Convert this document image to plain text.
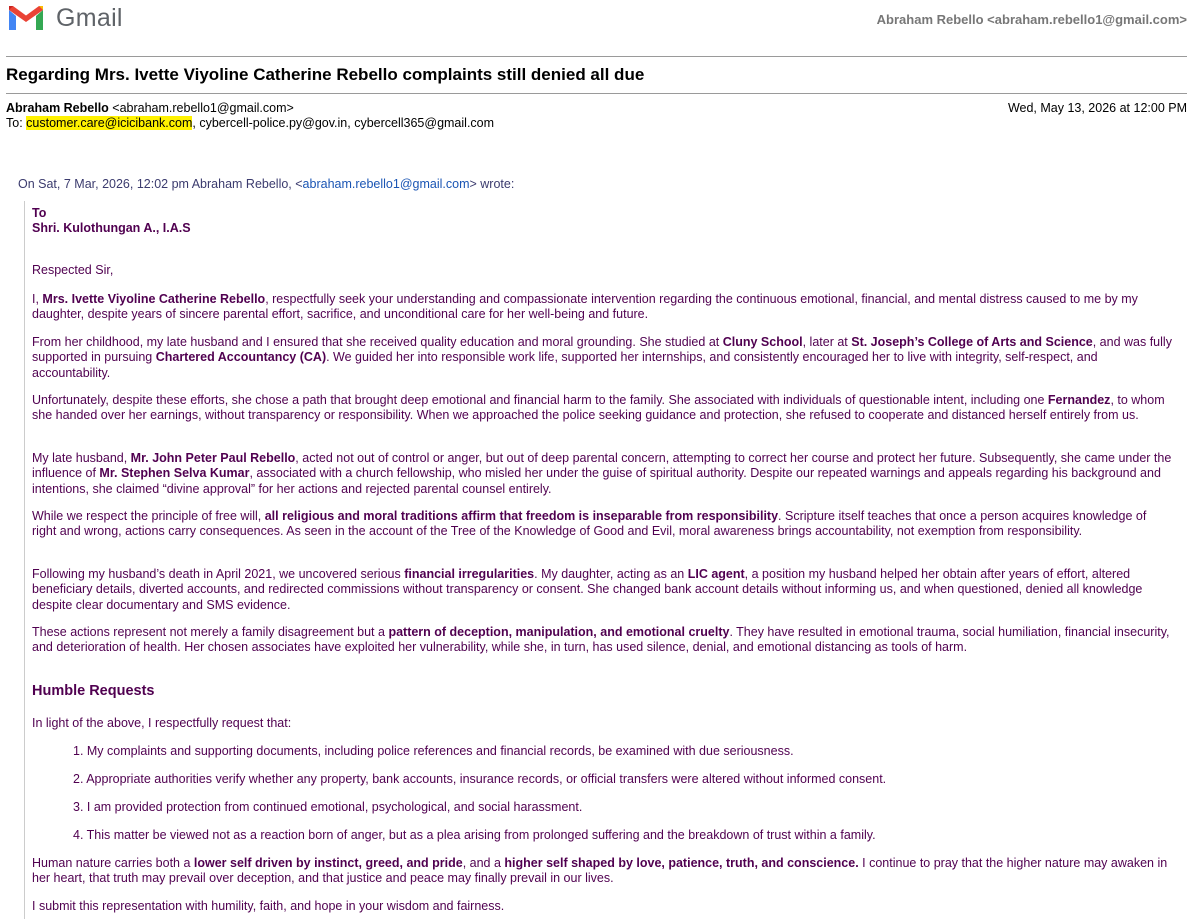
Gmail	Abraham Rebello <abraham.rebello1@gmail.com>
Regarding Mrs. Ivette Viyoline Catherine Rebello complaints still denied all due
Abraham Rebello <abraham.rebello1@gmail.com>	Wed, May 13, 2026 at 12:00 PM
To: customer.care@icicibank.com, cybercell-police.py@gov.in, cybercell365@gmail.com
On Sat, 7 Mar, 2026, 12:02 pm Abraham Rebello, <abraham.rebello1@gmail.com> wrote:

To

Shri. Kulothungan A., I.A.S

Respected Sir,

I, Mrs. Ivette Viyoline Catherine Rebello, respectfully seek your understanding and compassionate intervention regarding the continuous emotional, financial, and mental distress caused to me by my daughter, despite years of sincere parental effort, sacrifice, and unconditional care for her well-being and future.

From her childhood, my late husband and I ensured that she received quality education and moral grounding. She studied at Cluny School, later at St. Joseph’s College of Arts and Science, and was fully supported in pursuing Chartered Accountancy (CA). We guided her into responsible work life, supported her internships, and consistently encouraged her to live with integrity, self-respect, and accountability.

Unfortunately, despite these efforts, she chose a path that brought deep emotional and financial harm to the family. She associated with individuals of questionable intent, including one Fernandez, to whom she handed over her earnings, without transparency or responsibility. When we approached the police seeking guidance and protection, she refused to cooperate and distanced herself entirely from us.

My late husband, Mr. John Peter Paul Rebello, acted not out of control or anger, but out of deep parental concern, attempting to correct her course and protect her future. Subsequently, she came under the influence of Mr. Stephen Selva Kumar, associated with a church fellowship, who misled her under the guise of spiritual authority. Despite our repeated warnings and appeals regarding his background and intentions, she claimed “divine approval” for her actions and rejected parental counsel entirely.

While we respect the principle of free will, all religious and moral traditions affirm that freedom is inseparable from responsibility. Scripture itself teaches that once a person acquires knowledge of right and wrong, actions carry consequences. As seen in the account of the Tree of the Knowledge of Good and Evil, moral awareness brings accountability, not exemption from responsibility.

Following my husband’s death in April 2021, we uncovered serious financial irregularities. My daughter, acting as an LIC agent, a position my husband helped her obtain after years of effort, altered beneficiary details, diverted accounts, and redirected commissions without transparency or consent. She changed bank account details without informing us, and when questioned, denied all knowledge despite clear documentary and SMS evidence.

These actions represent not merely a family disagreement but a pattern of deception, manipulation, and emotional cruelty. They have resulted in emotional trauma, social humiliation, financial insecurity, and deterioration of health. Her chosen associates have exploited her vulnerability, while she, in turn, has used silence, denial, and emotional distancing as tools of harm.

Humble Requests

In light of the above, I respectfully request that:

1. My complaints and supporting documents, including police references and financial records, be examined with due seriousness.

2. Appropriate authorities verify whether any property, bank accounts, insurance records, or official transfers were altered without informed consent.

3. I am provided protection from continued emotional, psychological, and social harassment.

4. This matter be viewed not as a reaction born of anger, but as a plea arising from prolonged suffering and the breakdown of trust within a family.

Human nature carries both a lower self driven by instinct, greed, and pride, and a higher self shaped by love, patience, truth, and conscience. I continue to pray that the higher nature may awaken in her heart, that truth may prevail over deception, and that justice and peace may finally prevail in our lives.

I submit this representation with humility, faith, and hope in your wisdom and fairness.
